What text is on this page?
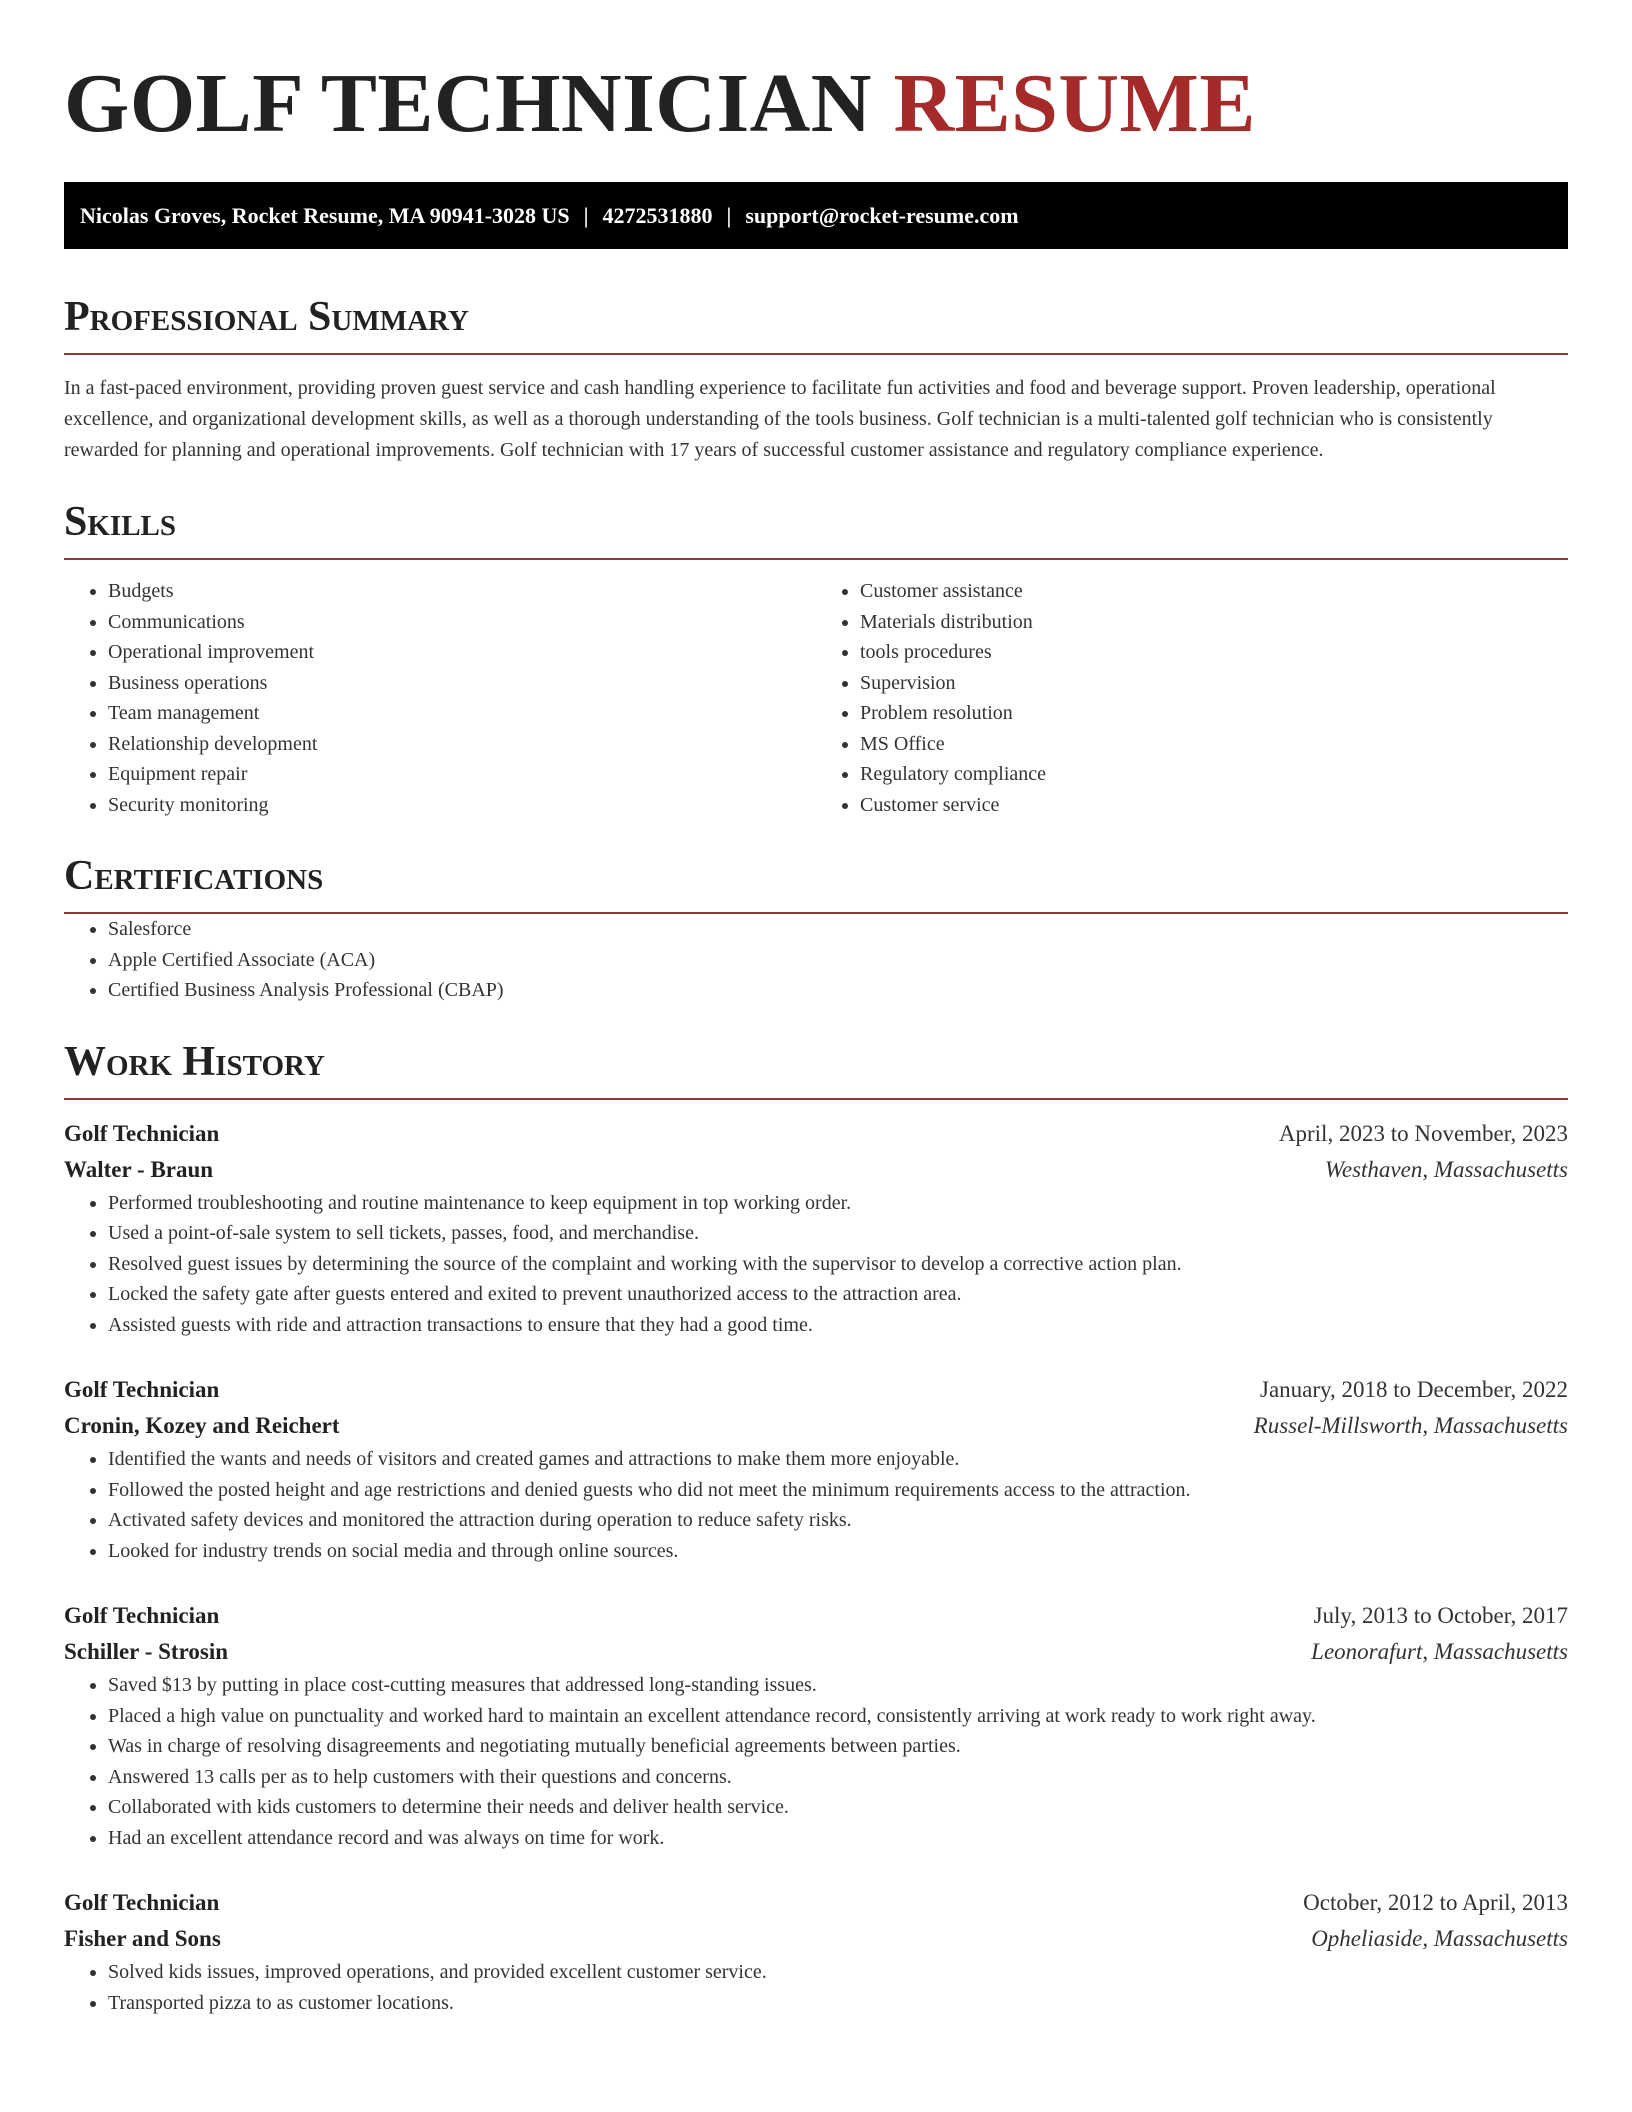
GOLF TECHNICIAN RESUME
Nicolas Groves, Rocket Resume, MA 90941-3028 US | 4272531880 | support@rocket-resume.com
Professional Summary

In a fast-paced environment, providing proven guest service and cash handling experience to facilitate fun activities and food and beverage support. Proven leadership, operational excellence, and organizational development skills, as well as a thorough understanding of the tools business. Golf technician is a multi-talented golf technician who is consistently rewarded for planning and operational improvements. Golf technician with 17 years of successful customer assistance and regulatory compliance experience.

Skills
• Budgets
• Communications
• Operational improvement
• Business operations
• Team management
• Relationship development
• Equipment repair
• Security monitoring
• Customer assistance
• Materials distribution
• tools procedures
• Supervision
• Problem resolution
• MS Office
• Regulatory compliance
• Customer service
Certifications
• Salesforce
• Apple Certified Associate (ACA)
• Certified Business Analysis Professional (CBAP)
Work History
Golf Technician	April, 2023 to November, 2023
Walter - Braun	Westhaven, Massachusetts
• Performed troubleshooting and routine maintenance to keep equipment in top working order.
• Used a point-of-sale system to sell tickets, passes, food, and merchandise.
• Resolved guest issues by determining the source of the complaint and working with the supervisor to develop a corrective action plan.
• Locked the safety gate after guests entered and exited to prevent unauthorized access to the attraction area.
• Assisted guests with ride and attraction transactions to ensure that they had a good time.
Golf Technician	January, 2018 to December, 2022
Cronin, Kozey and Reichert	Russel-Millsworth, Massachusetts
• Identified the wants and needs of visitors and created games and attractions to make them more enjoyable.
• Followed the posted height and age restrictions and denied guests who did not meet the minimum requirements access to the attraction.
• Activated safety devices and monitored the attraction during operation to reduce safety risks.
• Looked for industry trends on social media and through online sources.
Golf Technician	July, 2013 to October, 2017
Schiller - Strosin	Leonorafurt, Massachusetts
• Saved $13 by putting in place cost-cutting measures that addressed long-standing issues.
• Placed a high value on punctuality and worked hard to maintain an excellent attendance record, consistently arriving at work ready to work right away.
• Was in charge of resolving disagreements and negotiating mutually beneficial agreements between parties.
• Answered 13 calls per as to help customers with their questions and concerns.
• Collaborated with kids customers to determine their needs and deliver health service.
• Had an excellent attendance record and was always on time for work.
Golf Technician	October, 2012 to April, 2013
Fisher and Sons	Opheliaside, Massachusetts
• Solved kids issues, improved operations, and provided excellent customer service.
• Transported pizza to as customer locations.
